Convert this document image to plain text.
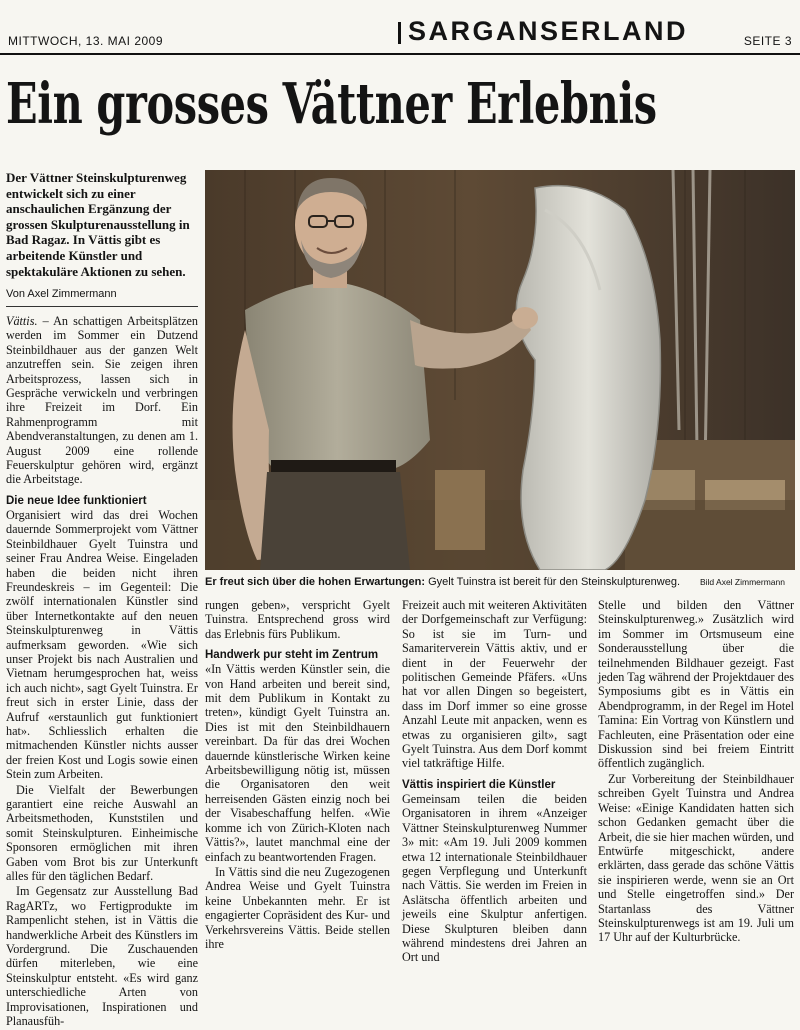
MITTWOCH, 13. MAI 2009	SARGANSERLAND	SEITE 3
Ein grosses Vättner Erlebnis

Der Vättner Steinskulpturenweg entwickelt sich zu einer anschaulichen Ergänzung der grossen Skulpturenausstellung in Bad Ragaz. In Vättis gibt es arbeitende Künstler und spektakuläre Aktionen zu sehen.

Von Axel Zimmermann
Er freut sich über die hohen Erwartungen: Gyelt Tuinstra ist bereit für den Steinskulpturenweg. Bild Axel Zimmermann

Vättis. – An schattigen Arbeitsplätzen werden im Sommer ein Dutzend Steinbildhauer aus der ganzen Welt anzutreffen sein. Sie zeigen ihren Arbeitsprozess, lassen sich in Gespräche verwickeln und verbringen ihre Freizeit im Dorf. Ein Rahmenprogramm mit Abendveranstaltungen, zu denen am 1. August 2009 eine rollende Feuerskulptur gehören wird, ergänzt die Arbeitstage.

Die neue Idee funktioniert

Organisiert wird das drei Wochen dauernde Sommerprojekt vom Vättner Steinbildhauer Gyelt Tuinstra und seiner Frau Andrea Weise. Eingeladen haben die beiden nicht ihren Freundeskreis – im Gegenteil: Die zwölf internationalen Künstler sind über Internetkontakte auf den neuen Steinskulpturenweg in Vättis aufmerksam geworden. «Wie sich unser Projekt bis nach Australien und Vietnam herumgesprochen hat, weiss ich auch nicht», sagt Gyelt Tuinstra. Er freut sich in erster Linie, dass der Aufruf «erstaunlich gut funktioniert hat». Schliesslich erhalten die mitmachenden Künstler nichts ausser der freien Kost und Logis sowie einen Stein zum Arbeiten.

Die Vielfalt der Bewerbungen garantiert eine reiche Auswahl an Arbeitsmethoden, Kunststilen und somit Steinskulpturen. Einheimische Sponsoren ermöglichen mit ihren Gaben vom Brot bis zur Unterkunft alles für den täglichen Bedarf.

Im Gegensatz zur Ausstellung Bad RagARTz, wo Fertigprodukte im Rampenlicht stehen, ist in Vättis die handwerkliche Arbeit des Künstlers im Vordergrund. Die Zuschauenden dürfen miterleben, wie eine Steinskulptur entsteht. «Es wird ganz unterschiedliche Arten von Improvisationen, Inspirationen und Planausfüh-

rungen geben», verspricht Gyelt Tuinstra. Entsprechend gross wird das Erlebnis fürs Publikum.

Handwerk pur steht im Zentrum

«In Vättis werden Künstler sein, die von Hand arbeiten und bereit sind, mit dem Publikum in Kontakt zu treten», kündigt Gyelt Tuinstra an. Dies ist mit den Steinbildhauern vereinbart. Da für das drei Wochen dauernde künstlerische Wirken keine Arbeitsbewilligung nötig ist, müssen die Organisatoren den weit herreisenden Gästen einzig noch bei der Visabeschaffung helfen. «Wie komme ich von Zürich-Kloten nach Vättis?», lautet manchmal eine der einfach zu beantwortenden Fragen.

In Vättis sind die neu Zugezogenen Andrea Weise und Gyelt Tuinstra keine Unbekannten mehr. Er ist engagierter Copräsident des Kur- und Verkehrsvereins Vättis. Beide stellen ihre

Freizeit auch mit weiteren Aktivitäten der Dorfgemeinschaft zur Verfügung: So ist sie im Turn- und Samariterverein Vättis aktiv, und er dient in der Feuerwehr der politischen Gemeinde Pfäfers. «Uns hat vor allen Dingen so begeistert, dass im Dorf immer so eine grosse Anzahl Leute mit anpacken, wenn es etwas zu organisieren gilt», sagt Gyelt Tuinstra. Aus dem Dorf kommt viel tatkräftige Hilfe.

Vättis inspiriert die Künstler

Gemeinsam teilen die beiden Organisatoren in ihrem «Anzeiger Vättner Steinskulpturenweg Nummer 3» mit: «Am 19. Juli 2009 kommen etwa 12 internationale Steinbildhauer gegen Verpflegung und Unterkunft nach Vättis. Sie werden im Freien in Aslätscha öffentlich arbeiten und jeweils eine Skulptur anfertigen. Diese Skulpturen bleiben dann während mindestens drei Jahren an Ort und

Stelle und bilden den Vättner Steinskulpturenweg.» Zusätzlich wird im Sommer im Ortsmuseum eine Sonderausstellung über die teilnehmenden Bildhauer gezeigt. Fast jeden Tag während der Projektdauer des Symposiums gibt es in Vättis ein Abendprogramm, in der Regel im Hotel Tamina: Ein Vortrag von Künstlern und Fachleuten, eine Präsentation oder eine Diskussion sind bei freiem Eintritt öffentlich zugänglich.

Zur Vorbereitung der Steinbildhauer schreiben Gyelt Tuinstra und Andrea Weise: «Einige Kandidaten hatten sich schon Gedanken gemacht über die Arbeit, die sie hier machen würden, und Entwürfe mitgeschickt, andere erklärten, dass gerade das schöne Vättis sie inspirieren werde, wenn sie an Ort und Stelle eingetroffen sind.» Der Startanlass des Vättner Steinskulpturenwegs ist am 19. Juli um 17 Uhr auf der Kulturbrücke.
